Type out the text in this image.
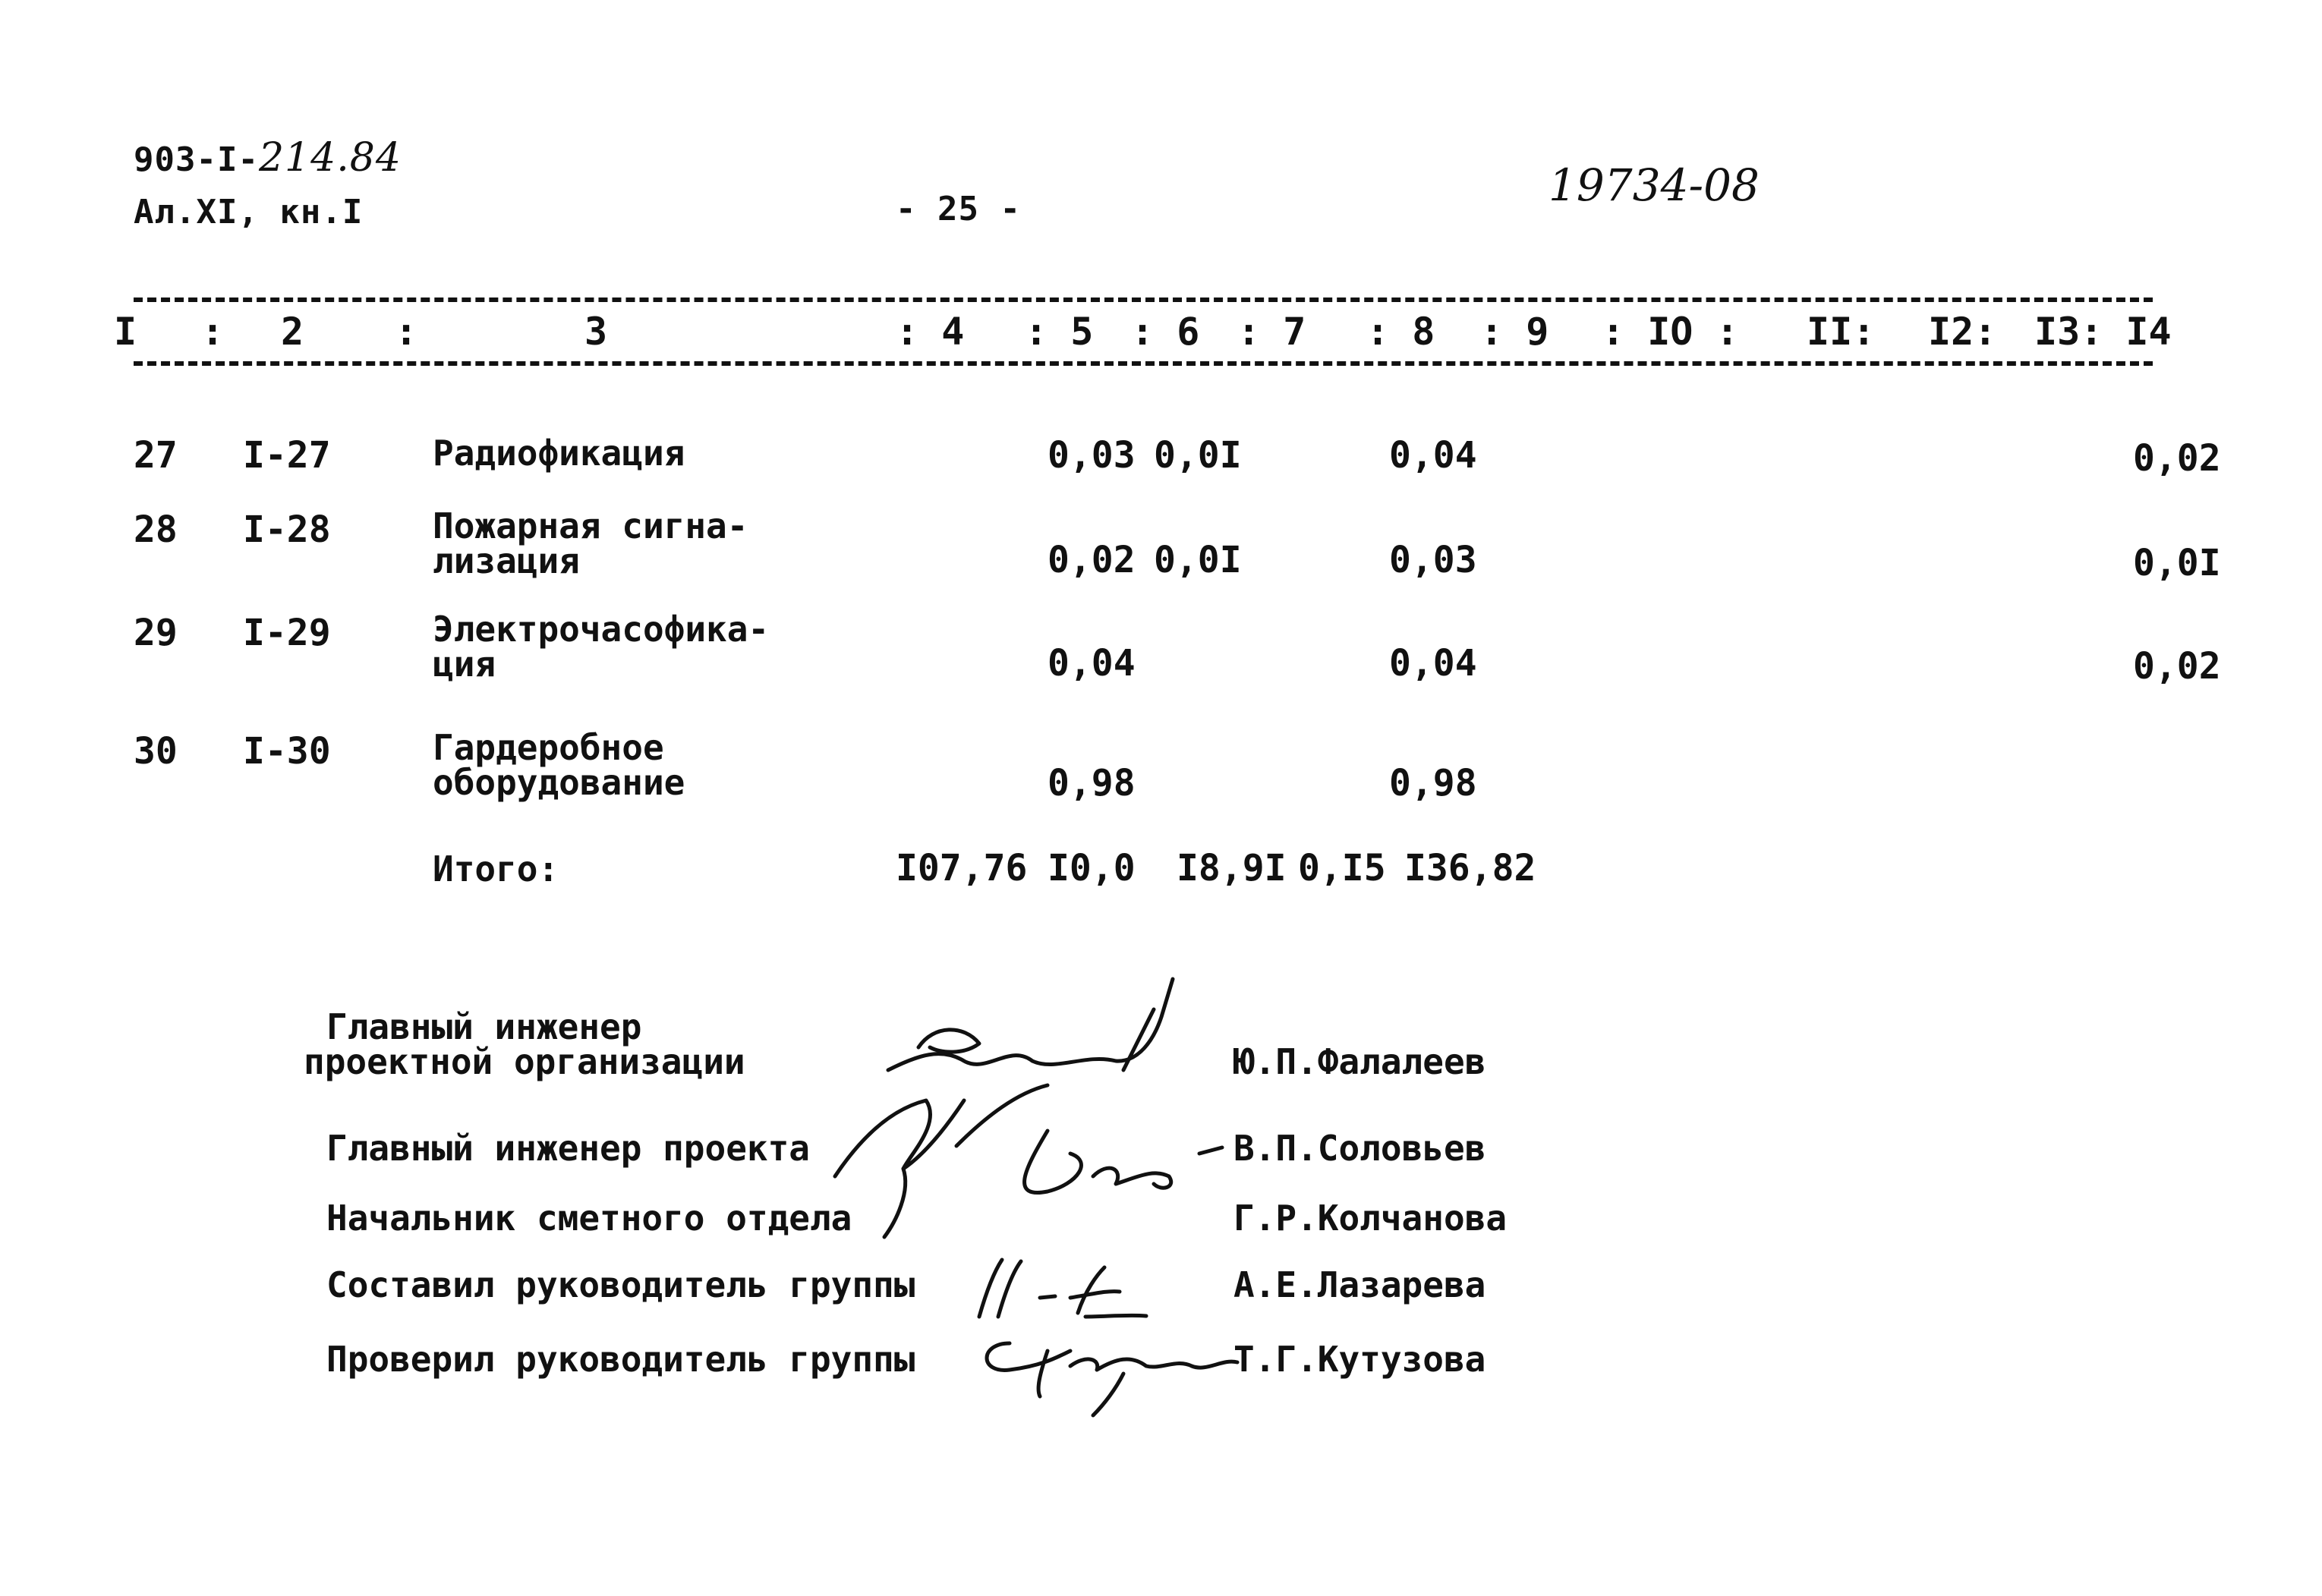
903-I-214.84
Ал.XI, кн.I	- 25 -	19734-08
I : 2 :	3	: 4 : 5 : 6 : 7 : 8 : 9 : IO : II: I2: I3: I4
27 I-27	Радиофикация	0,03 0,0I	0,04	0,02
28 I-28	Пожарная сигна-
лизация	0,02 0,0I	0,03	0,0I
29 I-29	Электрочасофика-
ция	0,04	0,04	0,02
30 I-30	Гардеробное
оборудование	0,98	0,98
Итого:	I07,76 I0,0 I8,9I 0,I5 I36,82
Главный инженер
проектной организации	Ю.П.Фалалеев
Главный инженер проекта	В.П.Соловьев
Начальник сметного отдела	Г.Р.Колчанова
Составил руководитель группы	А.Е.Лазарева
Проверил руководитель группы	Т.Г.Кутузова
